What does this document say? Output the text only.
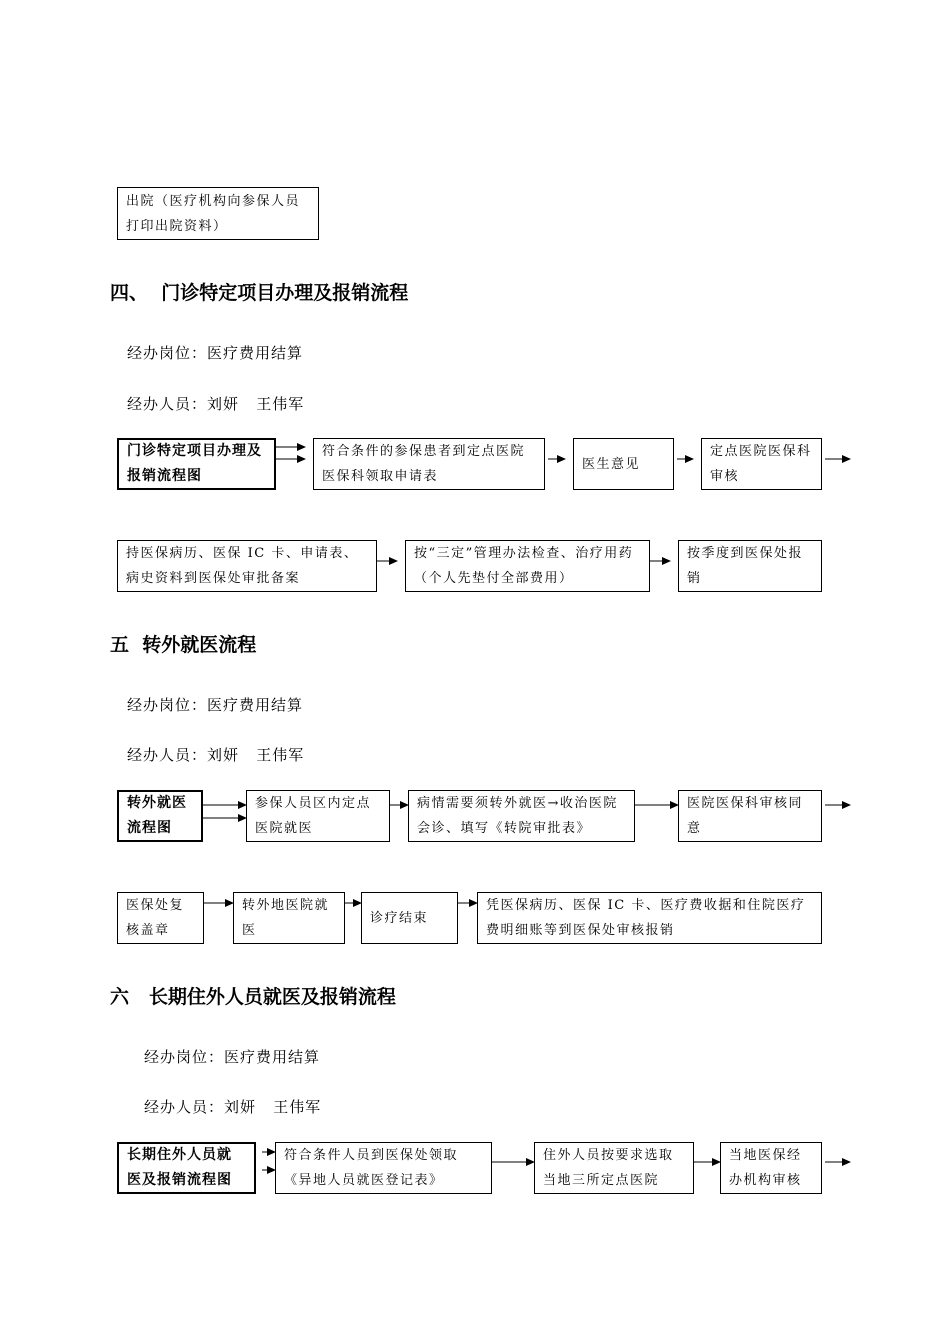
出院（医疗机构向参保人员打印出院资料）
四、  门诊特定项目办理及报销流程
经办岗位：医疗费用结算
经办人员：刘妍   王伟军
门诊特定项目办理及报销流程图
符合条件的参保患者到定点医院医保科领取申请表
医生意见
定点医院医保科审核
持医保病历、医保 IC 卡、申请表、病史资料到医保处审批备案
按“三定”管理办法检查、治疗用药（个人先垫付全部费用）
按季度到医保处报销
五  转外就医流程
经办岗位：医疗费用结算
经办人员：刘妍   王伟军
转外就医流程图
参保人员区内定点医院就医
病情需要须转外就医→收治医院会诊、填写《转院审批表》
医院医保科审核同意
医保处复核盖章
转外地医院就医
诊疗结束
凭医保病历、医保 IC 卡、医疗费收据和住院医疗费明细账等到医保处审核报销
六   长期住外人员就医及报销流程
经办岗位：医疗费用结算
经办人员：刘妍   王伟军
长期住外人员就医及报销流程图
符合条件人员到医保处领取《异地人员就医登记表》
住外人员按要求选取当地三所定点医院
当地医保经办机构审核
